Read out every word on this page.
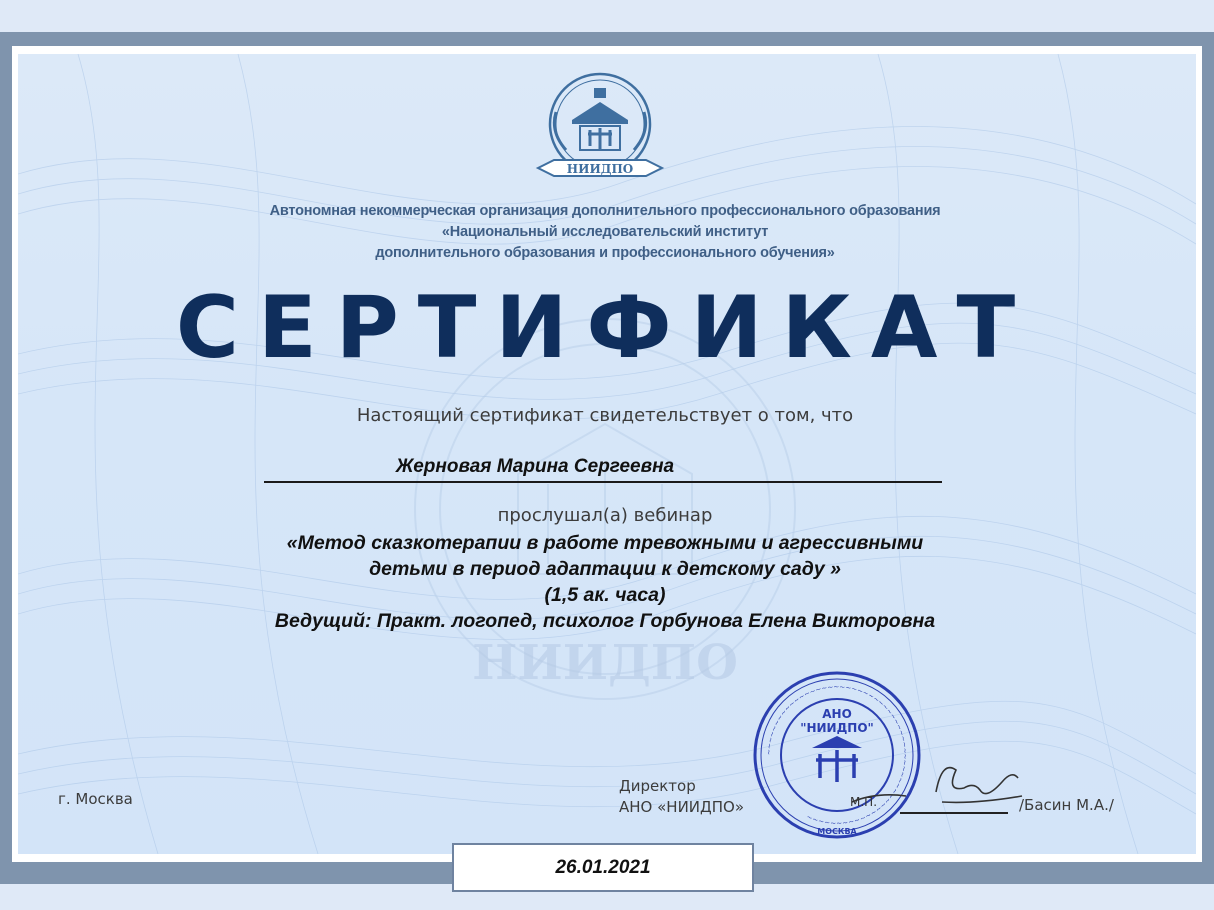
НИИДПО
НИИДПО
Автономная некоммерческая организация дополнительного профессионального образования
«Национальный исследовательский институт
дополнительного образования и профессионального обучения»
СЕРТИФИКАТ
Настоящий сертификат свидетельствует о том, что
Жерновая Марина Сергеевна
прослушал(а) вебинар
«Метод сказкотерапии в работе тревожными и агрессивными
детьми в период адаптации к детскому саду »
(1,5 ак. часа)
Ведущий: Практ. логопед, психолог Горбунова Елена Викторовна
г. Москва
Директор
АНО «НИИДПО»
~~~~~~~~~~~~~~~~~~~~~~~~~~~~~~~~~~~~~~~~~~~~~~~~~~~~~~~~~~
АНО
"НИИДПО"
МОСКВА
М.П.	/Басин М.А./
26.01.2021
